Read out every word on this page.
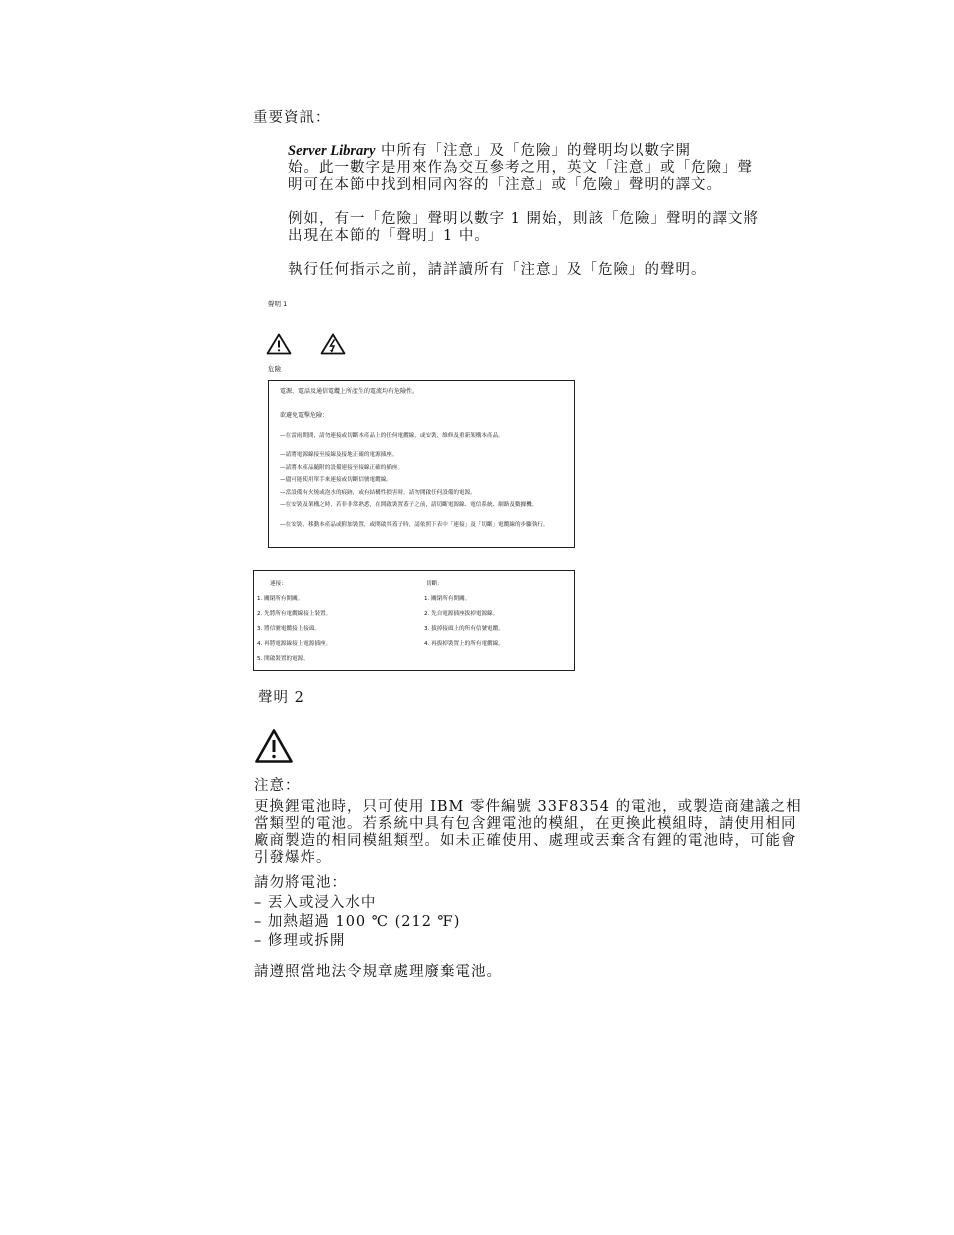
重要資訊：
Server Library 中所有「注意」及「危險」的聲明均以數字開
始。此一數字是用來作為交互參考之用，英文「注意」或「危險」聲
明可在本節中找到相同內容的「注意」或「危險」聲明的譯文。
例如，有一「危險」聲明以數字 1 開始，則該「危險」聲明的譯文將
出現在本節的「聲明」1 中。
執行任何指示之前，請詳讀所有「注意」及「危險」的聲明。
聲明 1
危險
電源、電話及通信電纜上所產生的電流均有危險性。
欲避免電擊危險：
—在雷雨期間，請勿連接或切斷本產品上的任何電纜線，或安裝、維修及重新架構本產品。
—請將電源線接至接線及接地正確的電源插座。
—請將本產品隨附的設備連接至接線正確的插座。
—儘可能使用單手來連接或切斷信號電纜線。
—當設備有火燒或泡水的痕跡，或有結構性損害時，請勿開啟任何設備的電源。
—在安裝及架構之時，若非非常熟悉，在開啟裝置蓋子之前，請切斷電源線、電信系統、網路及數據機。
—在安裝、移動本產品或附加裝置，或開啟其蓋子時，請依照下表中「連接」及「切斷」電纜線的步驟執行。
連接：
1. 關閉所有開關。
2. 先將所有電纜線接上裝置。
3. 將信號電纜接上接頭。
4. 再將電源線接上電源插座。
5. 開啟裝置的電源。
切斷：
1. 關閉所有開關。
2. 先自電源插座拔掉電源線。
3. 拔掉接頭上的所有信號電纜。
4. 再拔掉裝置上的所有電纜線。
聲明 2
注意：
更換鋰電池時，只可使用 IBM 零件編號 33F8354 的電池，或製造商建議之相
當類型的電池。若系統中具有包含鋰電池的模組，在更換此模組時，請使用相同
廠商製造的相同模組類型。如未正確使用、處理或丟棄含有鋰的電池時，可能會
引發爆炸。
請勿將電池：
– 丟入或浸入水中
– 加熱超過 100 ℃ (212 ℉)
– 修理或拆開
請遵照當地法令規章處理廢棄電池。
